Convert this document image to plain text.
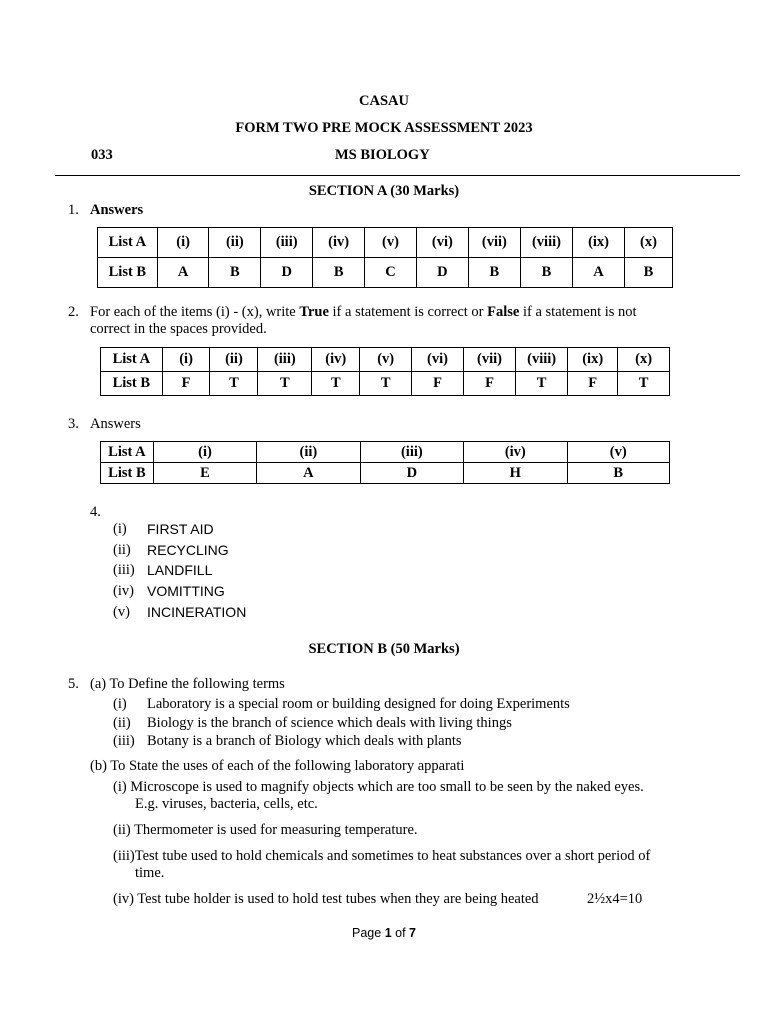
CASAU
FORM TWO PRE MOCK ASSESSMENT 2023
033	MS BIOLOGY
SECTION A (30 Marks)
1. Answers
List A	(i)	(ii)	(iii)	(iv)	(v)	(vi)	(vii)	(viii)	(ix)	(x)
List B	A	B	D	B	C	D	B	B	A	B
2. For each of the items (i) - (x), write True if a statement is correct or False if a statement is not
correct in the spaces provided.
List A	(i)	(ii)	(iii)	(iv)	(v)	(vi)	(vii)	(viii)	(ix)	(x)
List B	F	T	T	T	T	F	F	T	F	T
3. Answers
List A	(i)	(ii)	(iii)	(iv)	(v)
List B	E	A	D	H	B
4.
(i) FIRST AID
(ii) RECYCLING
(iii) LANDFILL
(iv) VOMITTING
(v) INCINERATION
SECTION B (50 Marks)
5. (a) To Define the following terms
(i) Laboratory is a special room or building designed for doing Experiments
(ii) Biology is the branch of science which deals with living things
(iii) Botany is a branch of Biology which deals with plants
(b) To State the uses of each of the following laboratory apparati
(i) Microscope is used to magnify objects which are too small to be seen by the naked eyes.
E.g. viruses, bacteria, cells, etc.
(ii) Thermometer is used for measuring temperature.
(iii)Test tube used to hold chemicals and sometimes to heat substances over a short period of
time.
(iv) Test tube holder is used to hold test tubes when they are being heated	2½x4=10
Page 1 of 7
